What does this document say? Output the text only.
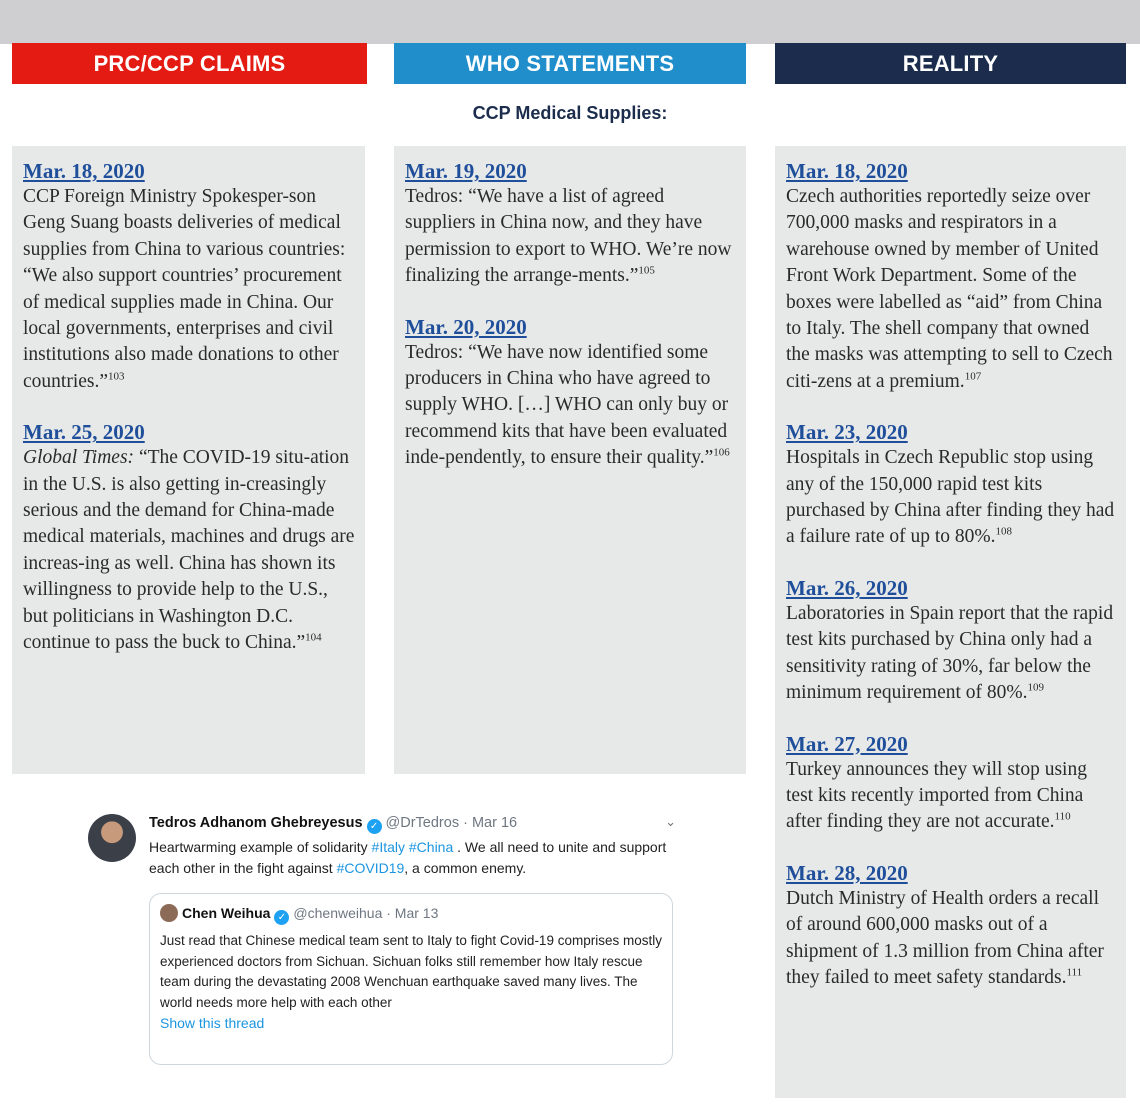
PRC/CCP CLAIMS	WHO STATEMENTS	REALITY
CCP Medical Supplies:
Mar. 18, 2020
CCP Foreign Ministry Spokesper-son Geng Suang boasts deliveries of medical supplies from China to various countries: “We also support countries’ procurement of medical supplies made in China. Our local governments, enterprises and civil institutions also made donations to other countries.”$^{103}$
Mar. 25, 2020
Global Times: “The COVID-19 situ-ation in the U.S. is also getting in-creasingly serious and the demand for China-made medical materials, machines and drugs are increas-ing as well. China has shown its willingness to provide help to the U.S., but politicians in Washington D.C. continue to pass the buck to China.”$^{104}$
Mar. 19, 2020
Tedros: “We have a list of agreed suppliers in China now, and they have permission to export to WHO. We’re now finalizing the arrange-ments.”$^{105}$
Mar. 20, 2020
Tedros: “We have now identified some producers in China who have agreed to supply WHO. […] WHO can only buy or recommend kits that have been evaluated inde-pendently, to ensure their quality.”$^{106}$
Mar. 18, 2020
Czech authorities reportedly seize over 700,000 masks and respirators in a warehouse owned by member of United Front Work Department. Some of the boxes were labelled as “aid” from China to Italy. The shell company that owned the masks was attempting to sell to Czech citi-zens at a premium.$^{107}$
Mar. 23, 2020
Hospitals in Czech Republic stop using any of the 150,000 rapid test kits purchased by China after finding they had a failure rate of up to 80%.$^{108}$
Mar. 26, 2020
Laboratories in Spain report that the rapid test kits purchased by China only had a sensitivity rating of 30%, far below the minimum requirement of 80%.$^{109}$
Mar. 27, 2020
Turkey announces they will stop using test kits recently imported from China after finding they are not accurate.$^{110}$
Mar. 28, 2020
Dutch Ministry of Health orders a recall of around 600,000 masks out of a shipment of 1.3 million from China after they failed to meet safety standards.$^{111}$
Tedros Adhanom Ghebreyesus ✓ @DrTedros · Mar 16	⌄
Heartwarming example of solidarity #Italy #China . We all need to unite and support each other in the fight against #COVID19, a common enemy.
Chen Weihua ✓ @chenweihua · Mar 13
Just read that Chinese medical team sent to Italy to fight Covid-19 comprises mostly experienced doctors from Sichuan. Sichuan folks still remember how Italy rescue team during the devastating 2008 Wenchuan earthquake saved many lives. The world needs more help with each other
Show this thread
